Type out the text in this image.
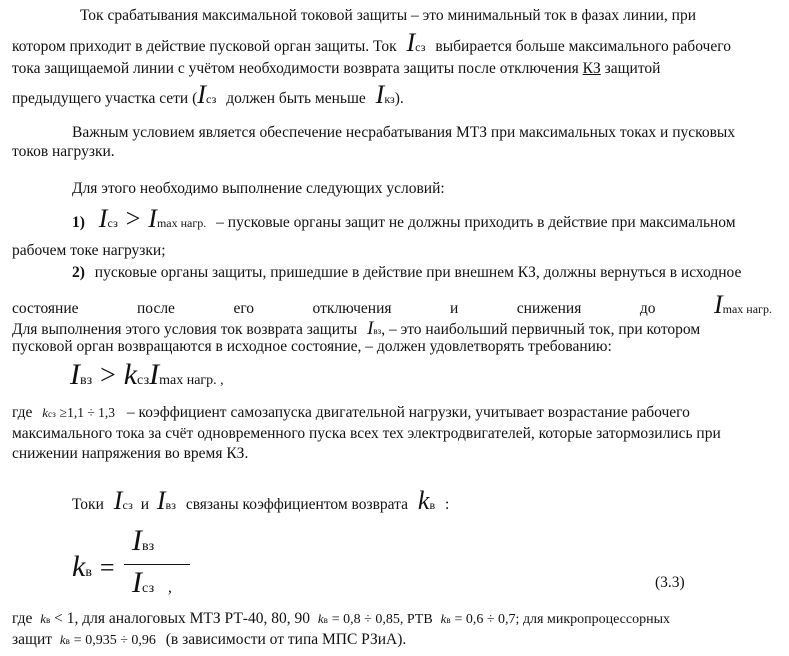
Ток срабатывания максимальной токовой защиты – это минимальный ток в фазах линии, при
котором приходит в действие пусковой орган защиты. Ток Iсз выбирается больше максимального рабочего
тока защищаемой линии с учётом необходимости возврата защиты после отключения КЗ защитой
предыдущего участка сети (Iсз должен быть меньше Iкз).
Важным условием является обеспечение несрабатывания МТЗ при максимальных токах и пусковых
токов нагрузки.
Для этого необходимо выполнение следующих условий:
1) Iсз > Imax нагр. – пусковые органы защит не должны приходить в действие при максимальном
рабочем токе нагрузки;
2) пусковые органы защиты, пришедшие в действие при внешнем КЗ, должны вернуться в исходное
состояние	после	его	отключения	и	снижения	до Imax нагр.
Для выполнения этого условия ток возврата защиты Iвз, – это наибольший первичный ток, при котором
пусковой орган возвращаются в исходное состояние, – должен удовлетворять требованию:
Iвз > kсзImax нагр. ,
где kсз ≥1,1 ÷ 1,3 – коэффициент самозапуска двигательной нагрузки, учитывает возрастание рабочего
максимального тока за счёт одновременного пуска всех тех электродвигателей, которые затормозились при
снижении напряжения во время КЗ.
Токи Iсз и Iвз связаны коэффициентом возврата kв :
kв =
Iвз
Iсз ,	(3.3)
где kв < 1, для аналоговых МТЗ РТ-40, 80, 90 kв = 0,8 ÷ 0,85, РТВ kв = 0,6 ÷ 0,7; для микропроцессорных
защит kв = 0,935 ÷ 0,96 (в зависимости от типа МПС РЗиА).
